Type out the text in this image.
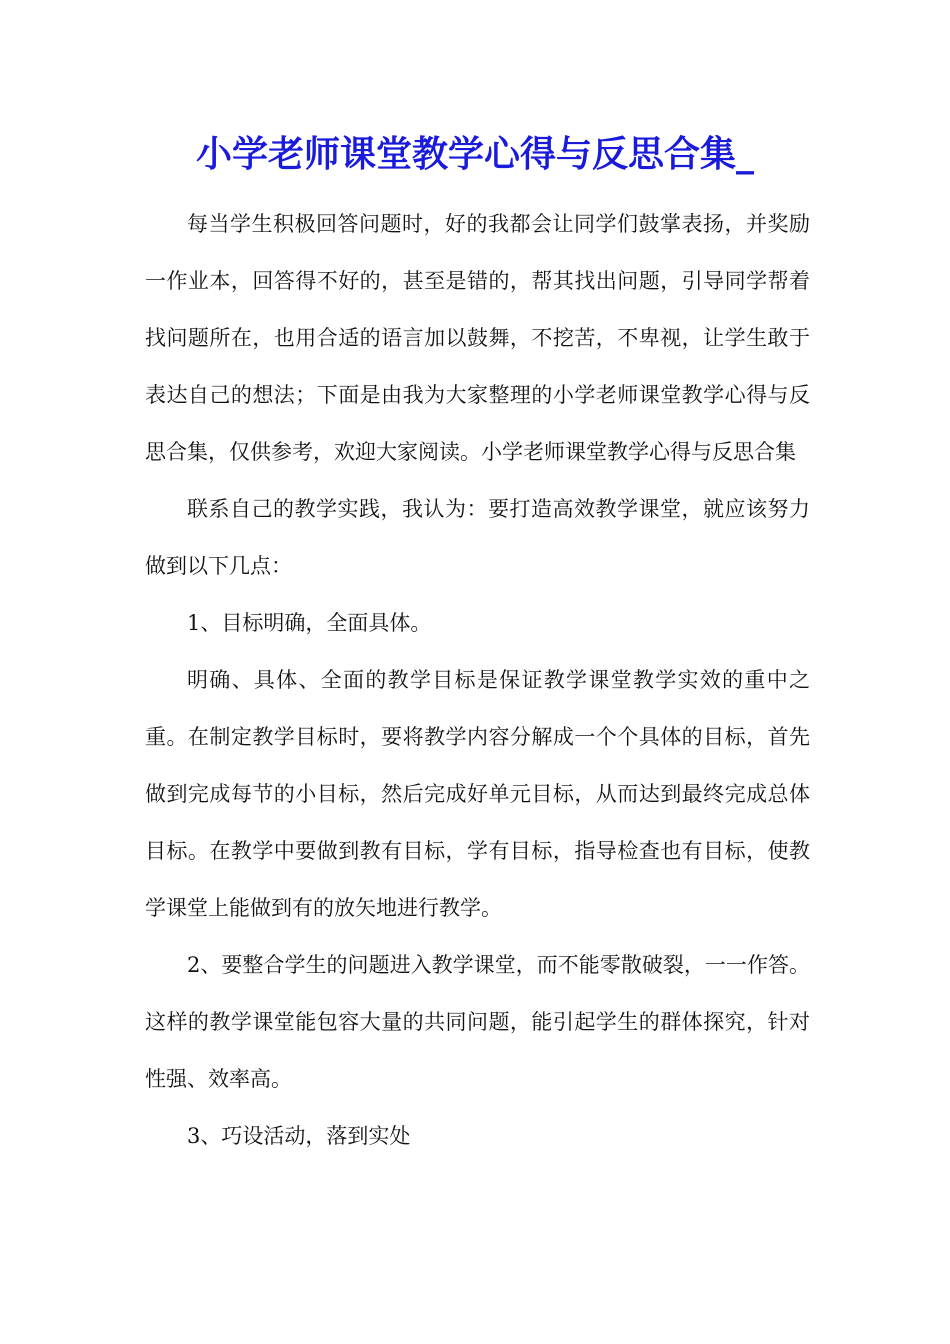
小学老师课堂教学心得与反思合集_

每当学生积极回答问题时，好的我都会让同学们鼓掌表扬，并奖励一作业本，回答得不好的，甚至是错的，帮其找出问题，引导同学帮着找问题所在，也用合适的语言加以鼓舞，不挖苦，不卑视，让学生敢于表达自己的想法；下面是由我为大家整理的小学老师课堂教学心得与反思合集，仅供参考，欢迎大家阅读。小学老师课堂教学心得与反思合集

联系自己的教学实践，我认为：要打造高效教学课堂，就应该努力做到以下几点：

1、目标明确，全面具体。

明确、具体、全面的教学目标是保证教学课堂教学实效的重中之重。在制定教学目标时，要将教学内容分解成一个个具体的目标，首先做到完成每节的小目标，然后完成好单元目标，从而达到最终完成总体目标。在教学中要做到教有目标，学有目标，指导检查也有目标，使教学课堂上能做到有的放矢地进行教学。

2、要整合学生的问题进入教学课堂，而不能零散破裂，一一作答。这样的教学课堂能包容大量的共同问题，能引起学生的群体探究，针对性强、效率高。

3、巧设活动，落到实处
